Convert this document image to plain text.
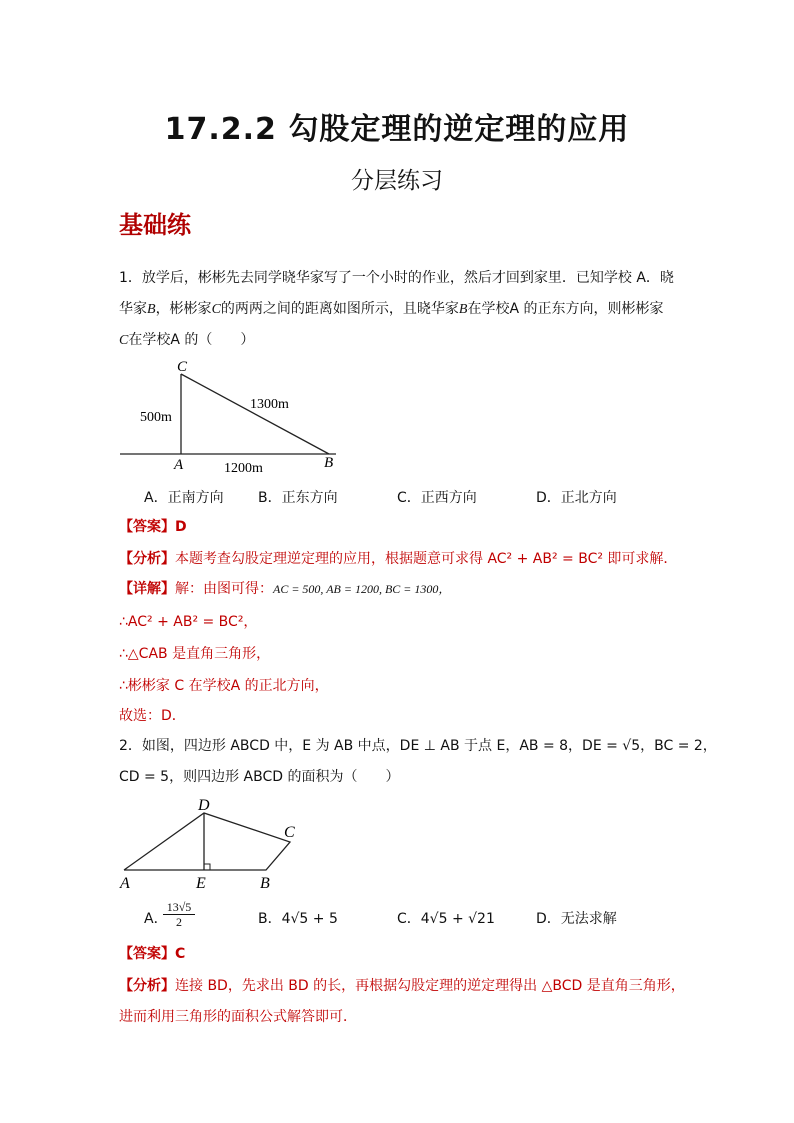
17.2.2 勾股定理的逆定理的应用
分层练习
基础练
1．放学后，彬彬先去同学晓华家写了一个小时的作业，然后才回到家里．已知学校 A．晓
华家B，彬彬家C的两两之间的距离如图所示，且晓华家B在学校A 的正东方向，则彬彬家
C在学校A 的（　　）
C
A	B
500m
1300m
1200m
A．正南方向 B．正东方向	C．正西方向	D．正北方向
【答案】D
【分析】本题考查勾股定理逆定理的应用，根据题意可求得 AC² + AB² = BC² 即可求解．
【详解】解：由图可得：AC = 500, AB = 1200, BC = 1300，
∴AC² + AB² = BC²，
∴△CAB 是直角三角形，
∴彬彬家 C 在学校A 的正北方向，
故选：D．
2．如图，四边形 ABCD 中，E 为 AB 中点，DE ⊥ AB 于点 E，AB = 8，DE = √5，BC = 2，
CD = 5，则四边形 ABCD 的面积为（　　）
D
C
A	E	B
A．
$\frac{13√5}{2}$	B．4√5 + 5	C．4√5 + √21	D．无法求解
【答案】C
【分析】连接 BD，先求出 BD 的长，再根据勾股定理的逆定理得出 △BCD 是直角三角形，
进而利用三角形的面积公式解答即可．
